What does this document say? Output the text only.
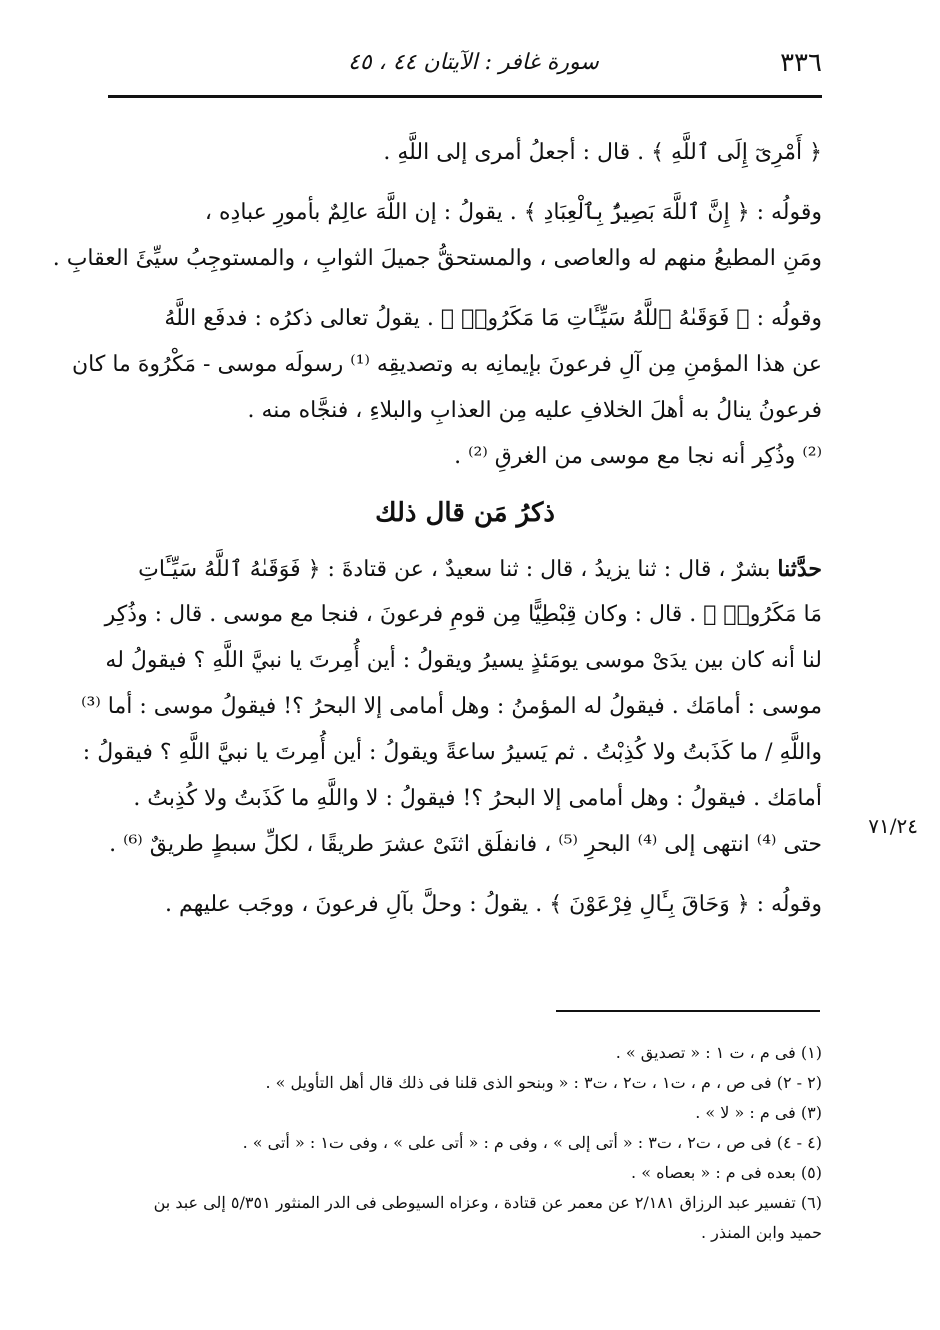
سورة غافر : الآيتان ٤٤ ، ٤٥	٣٣٦
﴿ أَمْرِىٓ إِلَى ٱللَّهِ ﴾ . قال : أجعلُ أمرى إلى اللَّهِ .
وقولُه : ﴿ إِنَّ ٱللَّهَ بَصِيرٌۢ بِٱلْعِبَادِ ﴾ . يقولُ : إن اللَّهَ عالِمٌ بأمورِ عبادِه ،
ومَنِ المطيعُ منهم له والعاصى ، والمستحقُّ جميلَ الثوابِ ، والمستوجِبُ سيِّئَ العقابِ .
وقولُه : ﴿ فَوَقَىٰهُ ٱللَّهُ سَيِّـَٔاتِ مَا مَكَرُوا۟ ﴾ . يقولُ تعالى ذكرُه : فدفَع اللَّهُ
عن هذا المؤمنِ مِن آلِ فرعونَ بإيمانِه به وتصديقِه ⁽¹⁾ رسولَه موسى - مَكْرُوهَ ما كان
فرعونُ ينالُ به أهلَ الخلافِ عليه مِن العذابِ والبلاءِ ، فنجَّاه منه .
⁽²⁾ وذُكِر أنه نجا مع موسى من الغرقِ ⁽²⁾ .
ذكرُ مَن قال ذلك
حدَّثنا بشرٌ ، قال : ثنا يزيدُ ، قال : ثنا سعيدٌ ، عن قتادةَ : ﴿ فَوَقَىٰهُ ٱللَّهُ سَيِّـَٔاتِ
مَا مَكَرُوا۟ ﴾ . قال : وكان قِبْطِيًّا مِن قومِ فرعونَ ، فنجا مع موسى . قال : وذُكِر
لنا أنه كان بين يدَىْ موسى يومَئذٍ يسيرُ ويقولُ : أين أُمِرتَ يا نبيَّ اللَّهِ ؟ فيقولُ له
موسى : أمامَك . فيقولُ له المؤمنُ : وهل أمامى إلا البحرُ ؟! فيقولُ موسى : أما ⁽³⁾
واللَّهِ / ما كَذَبتُ ولا كُذِبْتُ . ثم يَسيرُ ساعةً ويقولُ : أين أُمِرتَ يا نبيَّ اللَّهِ ؟ فيقولُ :
أمامَك . فيقولُ : وهل أمامى إلا البحرُ ؟! فيقولُ : لا واللَّهِ ما كَذَبتُ ولا كُذِبتُ .
حتى ⁽⁴⁾ انتهى إلى ⁽⁴⁾ البحرِ ⁽⁵⁾ ، فانفلَق اثنَىْ عشرَ طريقًا ، لكلِّ سبطٍ طريقٌ ⁽⁶⁾ .
وقولُه : ﴿ وَحَاقَ بِـَٔالِ فِرْعَوْنَ ﴾ . يقولُ : وحلَّ بآلِ فرعونَ ، ووجَب عليهم .
٧١/٢٤
(١) فى م ، ت ١ : « تصديق » .
(٢ - ٢) فى ص ، م ، ت١ ، ت٢ ، ت٣ : « وبنحو الذى قلنا فى ذلك قال أهل التأويل » .
(٣) فى م : « لا » .
(٤ - ٤) فى ص ، ت٢ ، ت٣ : « أتى إلى » ، وفى م : « أتى على » ، وفى ت١ : « أتى » .
(٥) بعده فى م : « بعصاه » .
(٦) تفسير عبد الرزاق ٢/١٨١ عن معمر عن قتادة ، وعزاه السيوطى فى الدر المنثور ٥/٣٥١ إلى عبد بن
حميد وابن المنذر .
